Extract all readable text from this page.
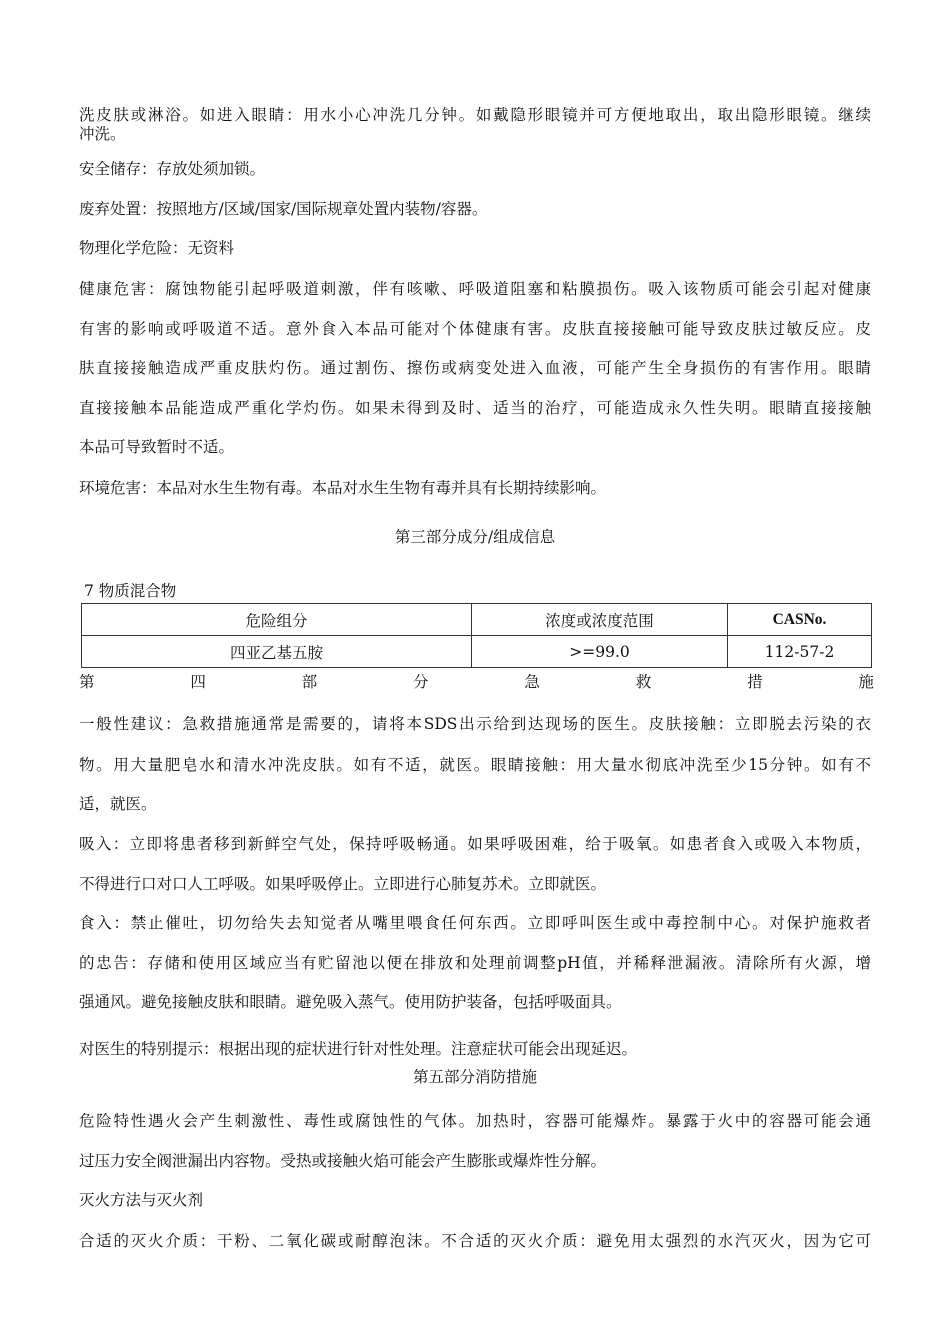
洗皮肤或淋浴。如进入眼睛：用水小心冲洗几分钟。如戴隐形眼镜并可方便地取出，取出隐形眼镜。继续
冲洗。
安全储存：存放处须加锁。
废弃处置：按照地方/区域/国家/国际规章处置内装物/容器。
物理化学危险：无资料
健康危害：腐蚀物能引起呼吸道刺激，伴有咳嗽、呼吸道阻塞和粘膜损伤。吸入该物质可能会引起对健康
有害的影响或呼吸道不适。意外食入本品可能对个体健康有害。皮肤直接接触可能导致皮肤过敏反应。皮
肤直接接触造成严重皮肤灼伤。通过割伤、擦伤或病变处进入血液，可能产生全身损伤的有害作用。眼睛
直接接触本品能造成严重化学灼伤。如果未得到及时、适当的治疗，可能造成永久性失明。眼睛直接接触
本品可导致暂时不适。
环境危害：本品对水生生物有毒。本品对水生生物有毒并具有长期持续影响。
第三部分成分/组成信息
7 物质混合物
危险组分	浓度或浓度范围	CASNo.
四亚乙基五胺	>=99.0	112-57-2
第	四	部	分	急	救	措	施
一般性建议：急救措施通常是需要的，请将本SDS出示给到达现场的医生。皮肤接触：立即脱去污染的衣
物。用大量肥皂水和清水冲洗皮肤。如有不适，就医。眼睛接触：用大量水彻底冲洗至少15分钟。如有不
适，就医。
吸入：立即将患者移到新鲜空气处，保持呼吸畅通。如果呼吸困难，给于吸氧。如患者食入或吸入本物质，
不得进行口对口人工呼吸。如果呼吸停止。立即进行心肺复苏术。立即就医。
食入：禁止催吐，切勿给失去知觉者从嘴里喂食任何东西。立即呼叫医生或中毒控制中心。对保护施救者
的忠告：存储和使用区域应当有贮留池以便在排放和处理前调整pH值，并稀释泄漏液。清除所有火源，增
强通风。避免接触皮肤和眼睛。避免吸入蒸气。使用防护装备，包括呼吸面具。
对医生的特别提示：根据出现的症状进行针对性处理。注意症状可能会出现延迟。
第五部分消防措施
危险特性遇火会产生刺激性、毒性或腐蚀性的气体。加热时，容器可能爆炸。暴露于火中的容器可能会通
过压力安全阀泄漏出内容物。受热或接触火焰可能会产生膨胀或爆炸性分解。
灭火方法与灭火剂
合适的灭火介质：干粉、二氧化碳或耐醇泡沫。不合适的灭火介质：避免用太强烈的水汽灭火，因为它可
